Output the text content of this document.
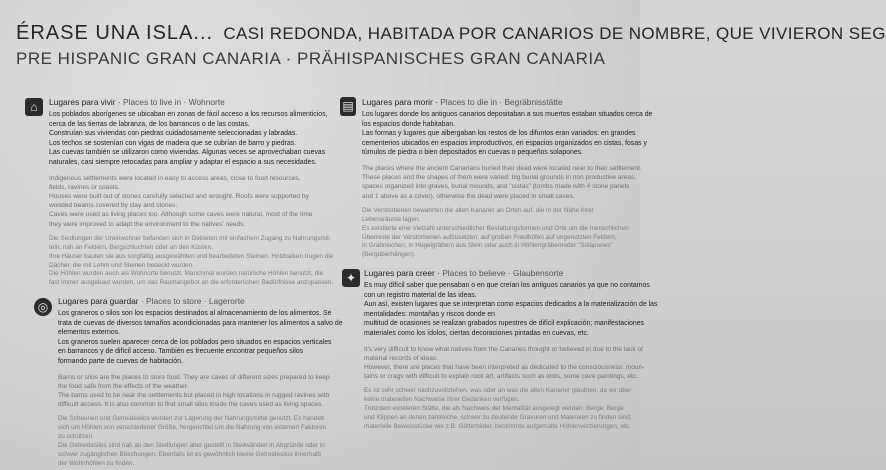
ÉRASE UNA ISLA... CASI REDONDA, HABITADA POR CANARIOS DE NOMBRE, QUE VIVIERON SEG
PRE HISPANIC GRAN CANARIA · PRÄHISPANISCHES GRAN CANARIA
⌂	Lugares para vivir · Places to live in · Wohnorte
Los poblados aborígenes se ubicaban en zonas de fácil acceso a los recursos alimenticios,
cerca de las tierras de labranza, de los barrancos o de las costas.
Construían sus viviendas con piedras cuidadosamente seleccionadas y labradas.
Los techos se sostenían con vigas de madera que se cubrían de barro y piedras.
Las cuevas también se utilizaron como viviendas. Algunas veces se aprovechaban cuevas
naturales, casi siempre retocadas para ampliar y adaptar el espacio a sus necesidades.
Indigenous settlements were located in easy to access areas, close to food resources,
fields, ravines or coasts.
Houses were built out of stones carefully selected and wrought. Roofs were supported by
wooded beams covered by clay and stones.
Caves were used as living places too. Although some caves were natural, most of the time
they were improved to adapt the environment to the natives' needs.
Die Siedlungen der Ureinwohner befanden sich in Gebieten mit einfachem Zugang zu Nahrungsmit-
teln, nah an Feldern, Bergschluchten oder an den Küsten.
Ihre Häuser bauten sie aus sorgfältig ausgewählten und bearbeiteten Steinen. Holzbalken trugen die
Dächer, die mit Lehm und Steinen bedeckt wurden.
Die Höhlen wurden auch als Wohnorte benutzt. Manchmal wurden natürliche Höhlen benutzt, die
fast immer ausgebaut wurden, um das Raumangebot an die erforderlichen Bedürfnisse anzupassen.
◎	Lugares para guardar · Places to store · Lagerorte
Los graneros o silos son los espacios destinados al almacenamiento de los alimentos. Se
trata de cuevas de diversos tamaños acondicionadas para mantener los alimentos a salvo de
elementos externos.
Los graneros suelen aparecer cerca de los poblados pero situados en espacios verticales
en barrancos y de difícil acceso. También es frecuente encontrar pequeños silos
formando parte de cuevas de habitación.
Barns or silos are the places to store food. They are caves of different sizes prepared to keep
the food safe from the effects of the weather.
The barns used to be near the settlements but placed in high locations in rugged ravines with
difficult access. It is also common to find small silos inside the caves used as living spaces.
Die Scheunen und Getreidesilos wurden zur Lagerung der Nahrungsmittel genutzt. Es handelt
sich um Höhlen von verschiedener Größe, hergerichtet um die Nahrung von externen Faktoren
zu schützen.
Die Getreidesilos sind nah an den Siedlungen aber gestellt in Steilwänden in Abgründe oder in
schwer zugänglichen Böschungen. Ebenfalls ist es gewöhnlich kleine Getreidesilos innerhalb
der Wohnhöhlen zu finden.
▤ Lugares para morir · Places to die in · Begräbnisstätte
Los lugares donde los antiguos canarios depositaban a sus muertos estaban situados cerca de
los espacios donde habitaban.
Las formas y lugares que albergaban los restos de los difuntos eran variados: en grandes
cementerios ubicados en espacios improductivos, en espacios organizados en cistas, fosas y
túmulos de piedra o bien depositados en cuevas o pequeños solapones.
The places where the ancient Canarians buried their dead were located near to their settlement.
These places and the shapes of them were varied: big burial grounds in non productive areas,
spaces organized into graves, burial mounds, and "cistas" (tombs made with 4 stone panels
and 1 above as a cover), otherwise the dead were placed in small caves.
Die Verstorbenen bewahrten die alten Kanarier an Orten auf, die in der Nähe ihrer
Lebensräume lagen.
Es existierte eine Vielzahl unterschiedlicher Bestattungsformen und Orte um die menschlichen
Überreste der Verstorbenen aufzusetzen: auf großen Friedhöfen auf ungenutzten Feldern,
in Grabnischen, in Hügelgräbern aus Stein oder auch in Höhlengräbernoder "Solapones"
(Bergüberhängen).
✦ Lugares para creer · Places to believe · Glaubensorte
Es muy difícil saber que pensaban o en que creían los antiguos canarios ya que no contamos
con un registro material de las ideas.
Aun así, existen lugares que se interpretan como espacios dedicados a la materialización de las
mentalidades: montañas y riscos donde en
multitud de ocasiones se realizan grabados rupestres de difícil explicación; manifestaciones
materiales como los ídolos, ciertas decoraciones pintadas en cuevas, etc.
It's very difficult to know what natives from the Canaries thought or believed in due to the lack of
material records of ideas.
However, there are places that have been interpreted as dedicated to the consciousness: moun-
tains or crags with difficult to explain rock art, artifacts such as idols, some cave paintings, etc.
Es ist sehr schwer nachzuvollziehen, was oder an was die alten Kanarier glaubten, da wir über
keine materiellen Nachweise ihrer Gedanken verfügen.
Trotzdem existieren Stätte, die als Nachweis der Mentalität ausgelegt werden: Berge, Berge
und Klippen an denen zahlreiche, schwer zu deutende Gravuren und Malereien zu finden sind;
materielle Beweisstücke wie z.B. Götterbilder, bestimmte aufgemalte Höhlenverzierungen, etc.
